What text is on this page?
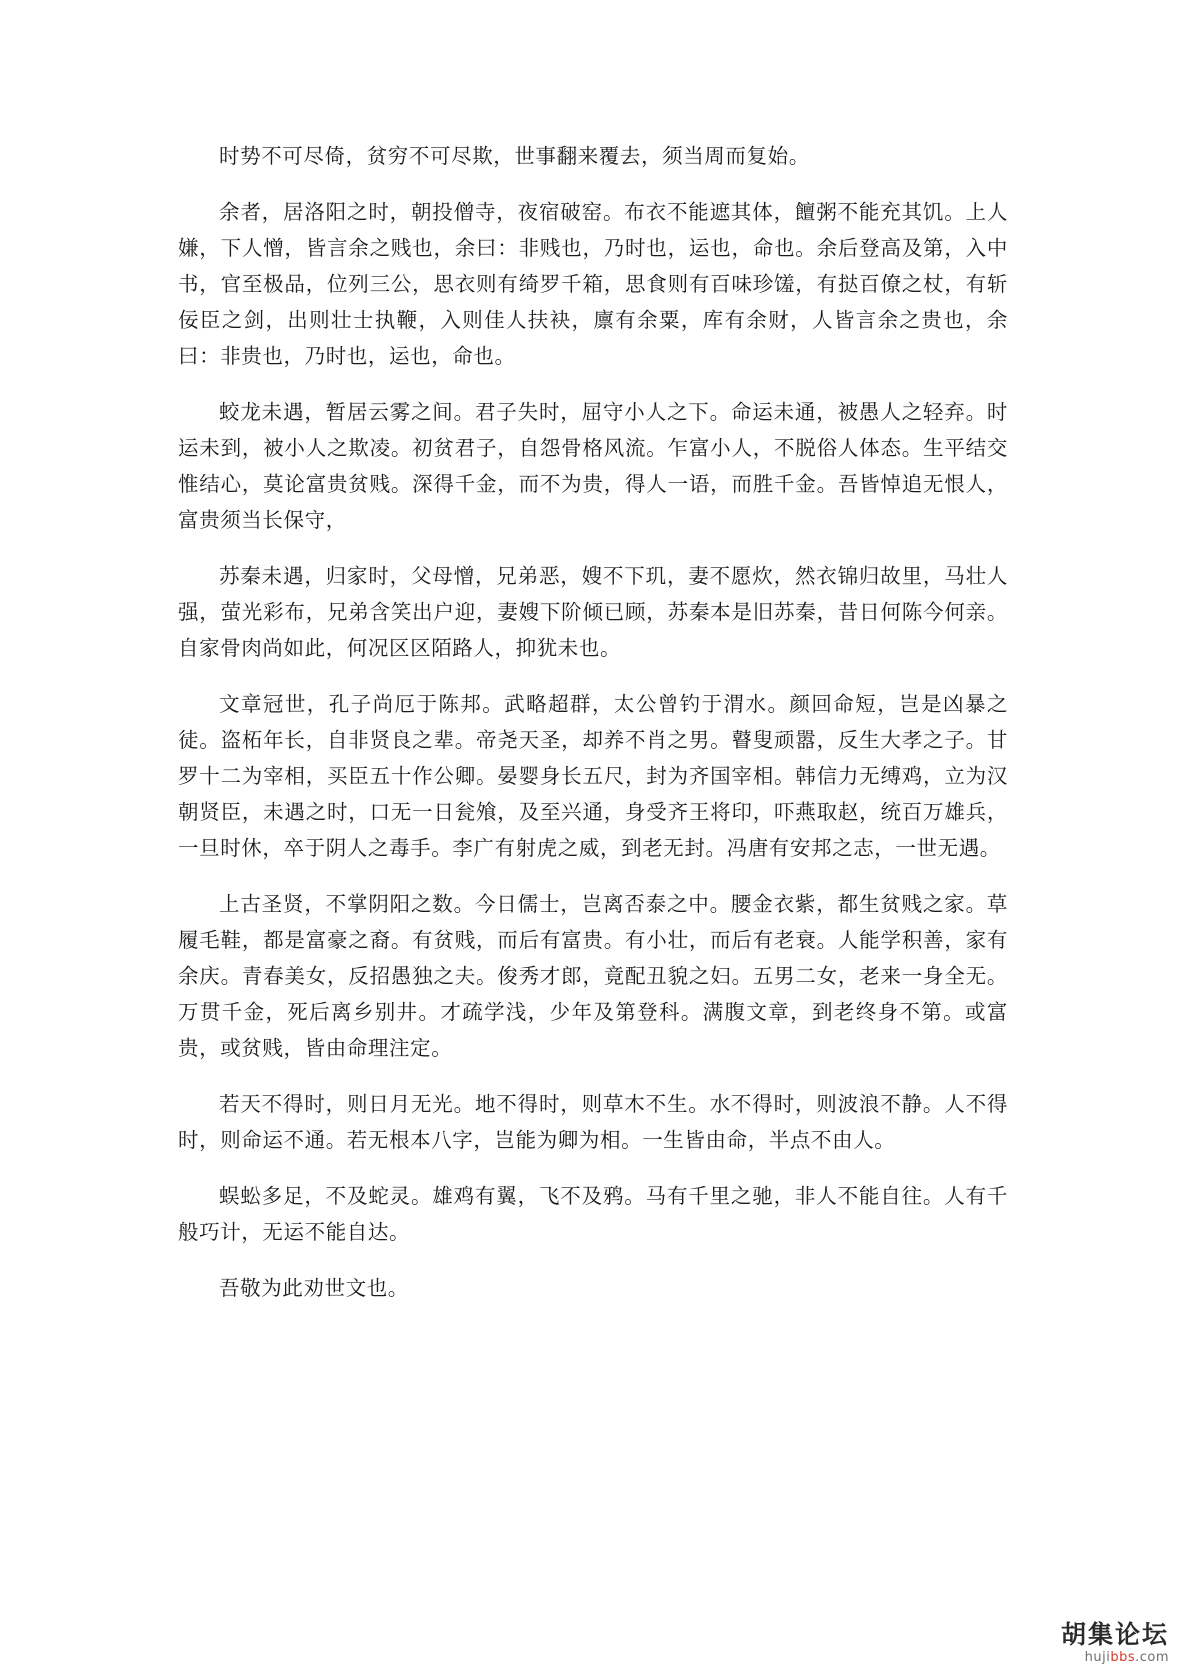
时势不可尽倚，贫穷不可尽欺，世事翻来覆去，须当周而复始。

余者，居洛阳之时，朝投僧寺，夜宿破窑。布衣不能遮其体，饘粥不能充其饥。上人嫌，下人憎，皆言余之贱也，余曰：非贱也，乃时也，运也，命也。余后登高及第，入中书，官至极品，位列三公，思衣则有绮罗千箱，思食则有百味珍馐，有挞百僚之杖，有斩佞臣之剑，出则壮士执鞭，入则佳人扶袂，廪有余粟，库有余财，人皆言余之贵也，余曰：非贵也，乃时也，运也，命也。

蛟龙未遇，暂居云雾之间。君子失时，屈守小人之下。命运未通，被愚人之轻弃。时运未到，被小人之欺凌。初贫君子，自怨骨格风流。乍富小人，不脱俗人体态。生平结交惟结心，莫论富贵贫贱。深得千金，而不为贵，得人一语，而胜千金。吾皆悼追无恨人，富贵须当长保守，

苏秦未遇，归家时，父母憎，兄弟恶，嫂不下玑，妻不愿炊，然衣锦归故里，马壮人强，萤光彩布，兄弟含笑出户迎，妻嫂下阶倾已顾，苏秦本是旧苏秦，昔日何陈今何亲。自家骨肉尚如此，何况区区陌路人，抑犹未也。

文章冠世，孔子尚厄于陈邦。武略超群，太公曾钓于渭水。颜回命短，岂是凶暴之徒。盗柘年长，自非贤良之辈。帝尧天圣，却养不肖之男。瞽叟顽嚣，反生大孝之子。甘罗十二为宰相，买臣五十作公卿。晏婴身长五尺，封为齐国宰相。韩信力无缚鸡，立为汉朝贤臣，未遇之时，口无一日瓮飧，及至兴通，身受齐王将印，吓燕取赵，统百万雄兵，一旦时休，卒于阴人之毒手。李广有射虎之威，到老无封。冯唐有安邦之志，一世无遇。

上古圣贤，不掌阴阳之数。今日儒士，岂离否泰之中。腰金衣紫，都生贫贱之家。草履毛鞋，都是富豪之裔。有贫贱，而后有富贵。有小壮，而后有老衰。人能学积善，家有余庆。青春美女，反招愚独之夫。俊秀才郎，竟配丑貌之妇。五男二女，老来一身全无。万贯千金，死后离乡别井。才疏学浅，少年及第登科。满腹文章，到老终身不第。或富贵，或贫贱，皆由命理注定。

若天不得时，则日月无光。地不得时，则草木不生。水不得时，则波浪不静。人不得时，则命运不通。若无根本八字，岂能为卿为相。一生皆由命，半点不由人。

蜈蚣多足，不及蛇灵。雄鸡有翼，飞不及鸦。马有千里之驰，非人不能自往。人有千般巧计，无运不能自达。

吾敬为此劝世文也。

胡集论坛
hujibbs.com
